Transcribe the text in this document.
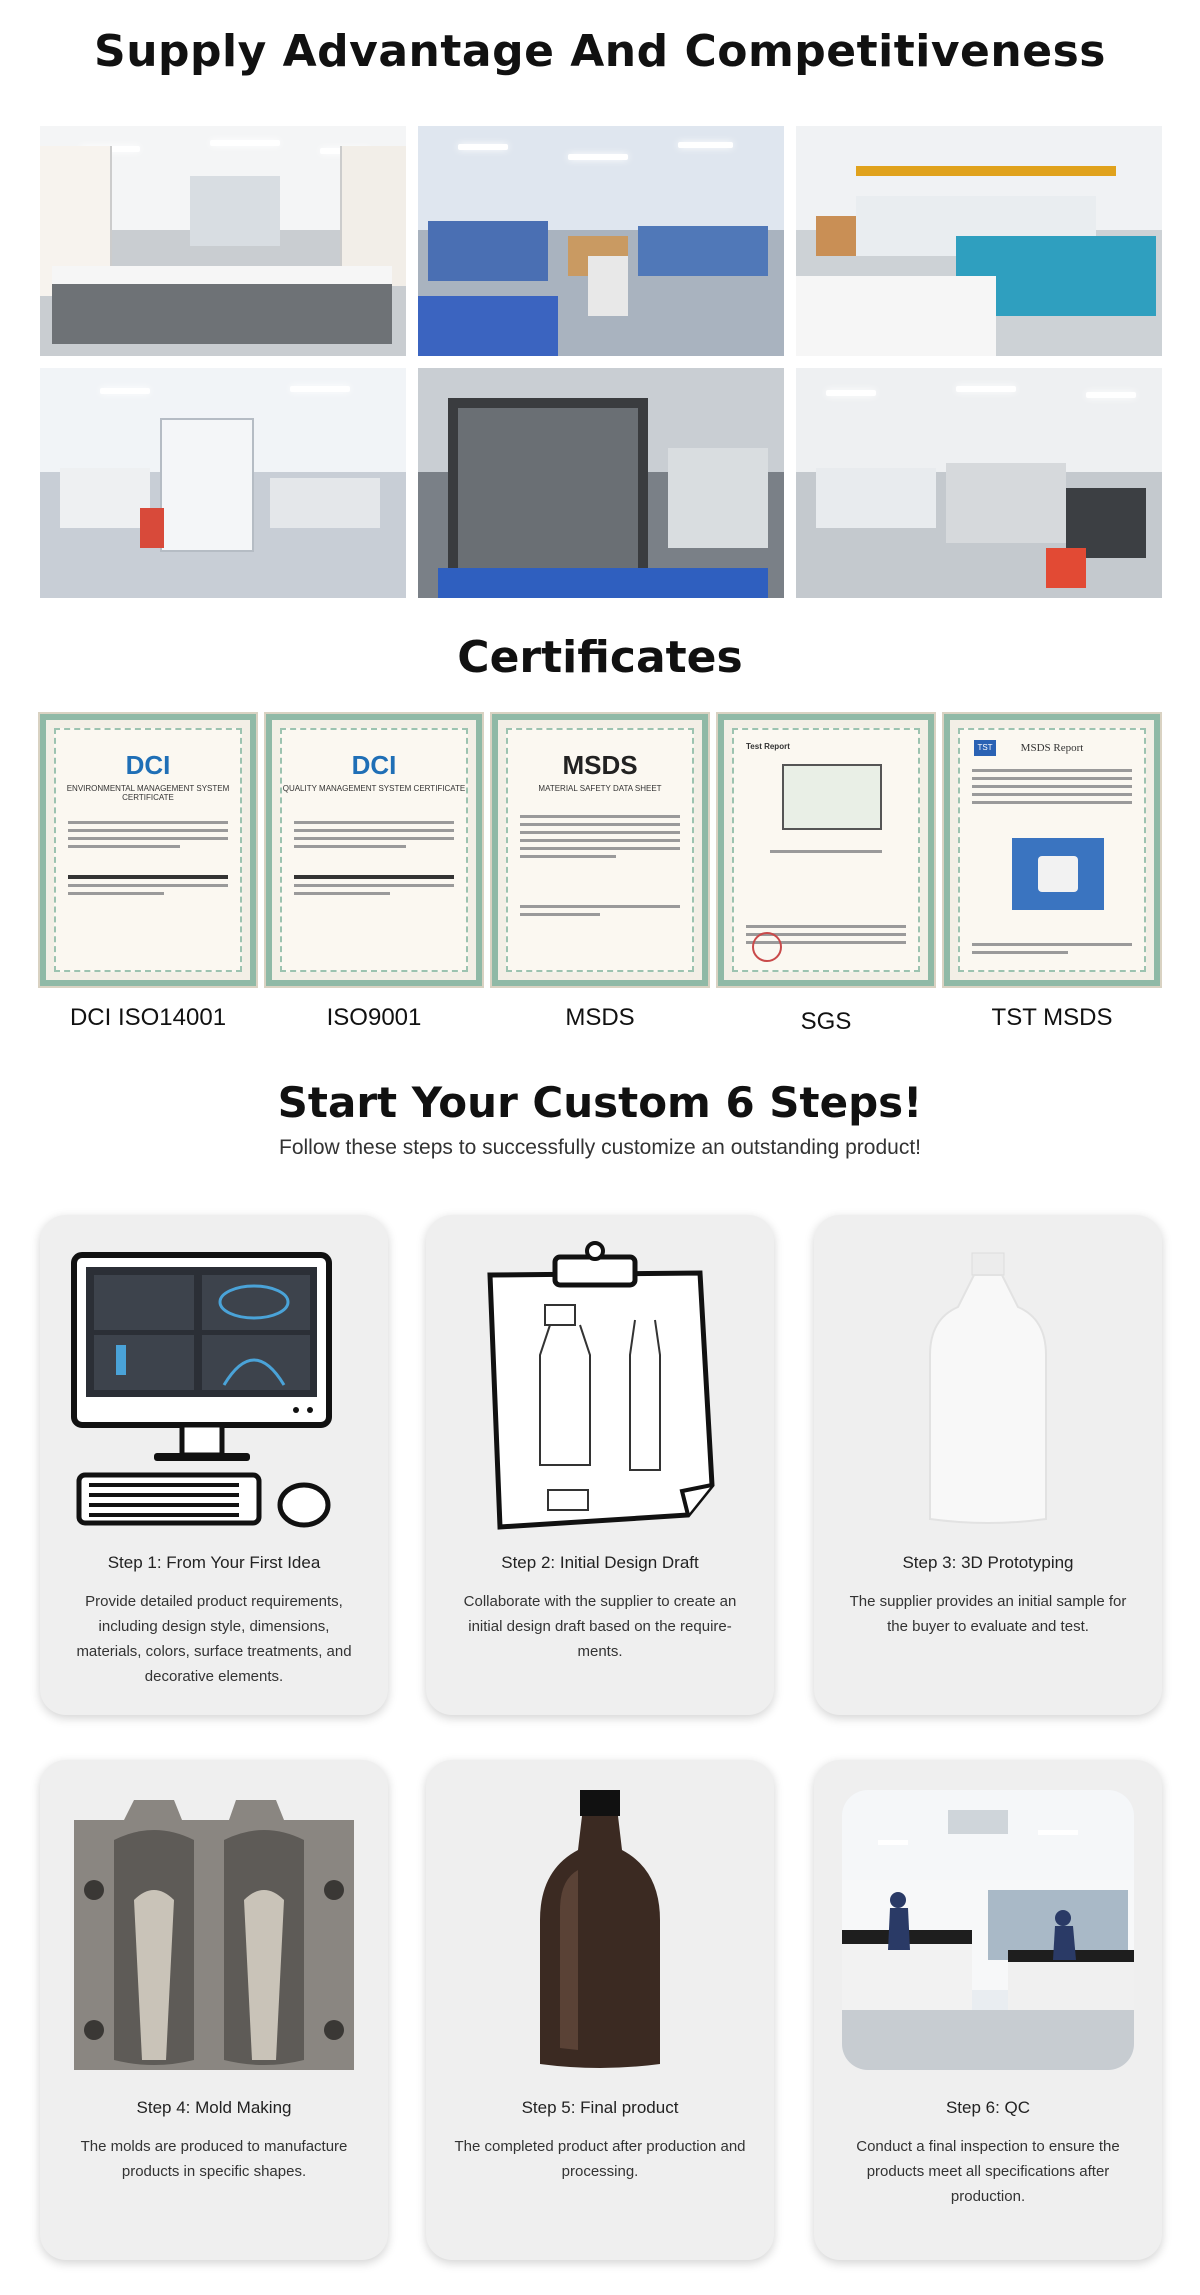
Supply Advantage And Competitiveness
Certificates
DCI
ENVIRONMENTAL MANAGEMENT SYSTEM CERTIFICATE
DCI
QUALITY MANAGEMENT SYSTEM CERTIFICATE
MSDS
MATERIAL SAFETY DATA SHEET
Test Report	MSDS Report
TST
DCI ISO14001	ISO9001	MSDS	SGS	TST MSDS
Start Your Custom 6 Steps!
Follow these steps to successfully customize an outstanding product!
Step 1: From Your First Idea
Provide detailed product requirements, including design style, dimensions, materials, colors, surface treatments, and decorative elements.
Step 2: Initial Design Draft
Collaborate with the supplier to create an initial design draft based on the require-ments.
Step 3: 3D Prototyping
The supplier provides an initial sample for the buyer to evaluate and test.
Step 4: Mold Making
The molds are produced to manufacture products in specific shapes.
Step 5: Final product
The completed product after production and processing.
Step 6: QC
Conduct a final inspection to ensure the products meet all specifications after production.
